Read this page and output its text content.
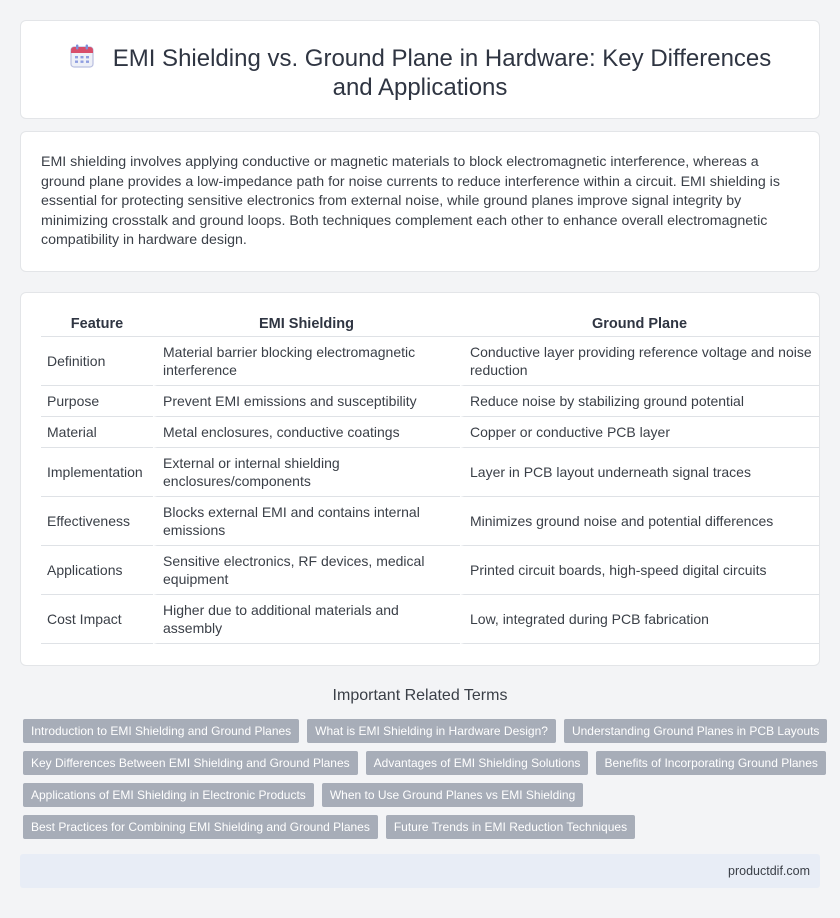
EMI Shielding vs. Ground Plane in Hardware: Key Differences and Applications

EMI shielding involves applying conductive or magnetic materials to block electromagnetic interference, whereas a ground plane provides a low-impedance path for noise currents to reduce interference within a circuit. EMI shielding is essential for protecting sensitive electronics from external noise, while ground planes improve signal integrity by minimizing crosstalk and ground loops. Both techniques complement each other to enhance overall electromagnetic compatibility in hardware design.

Feature	EMI Shielding	Ground Plane
Definition	Material barrier blocking electromagnetic interference	Conductive layer providing reference voltage and noise reduction
Purpose	Prevent EMI emissions and susceptibility	Reduce noise by stabilizing ground potential
Material	Metal enclosures, conductive coatings	Copper or conductive PCB layer
Implementation	External or internal shielding enclosures/components	Layer in PCB layout underneath signal traces
Effectiveness	Blocks external EMI and contains internal emissions	Minimizes ground noise and potential differences
Applications	Sensitive electronics, RF devices, medical equipment	Printed circuit boards, high-speed digital circuits
Cost Impact	Higher due to additional materials and assembly	Low, integrated during PCB fabrication
Important Related Terms
Introduction to EMI Shielding and Ground Planes	What is EMI Shielding in Hardware Design?	Understanding Ground Planes in PCB Layouts
Key Differences Between EMI Shielding and Ground Planes	Advantages of EMI Shielding Solutions	Benefits of Incorporating Ground Planes
Applications of EMI Shielding in Electronic Products	When to Use Ground Planes vs EMI Shielding
Best Practices for Combining EMI Shielding and Ground Planes	Future Trends in EMI Reduction Techniques
productdif.com
